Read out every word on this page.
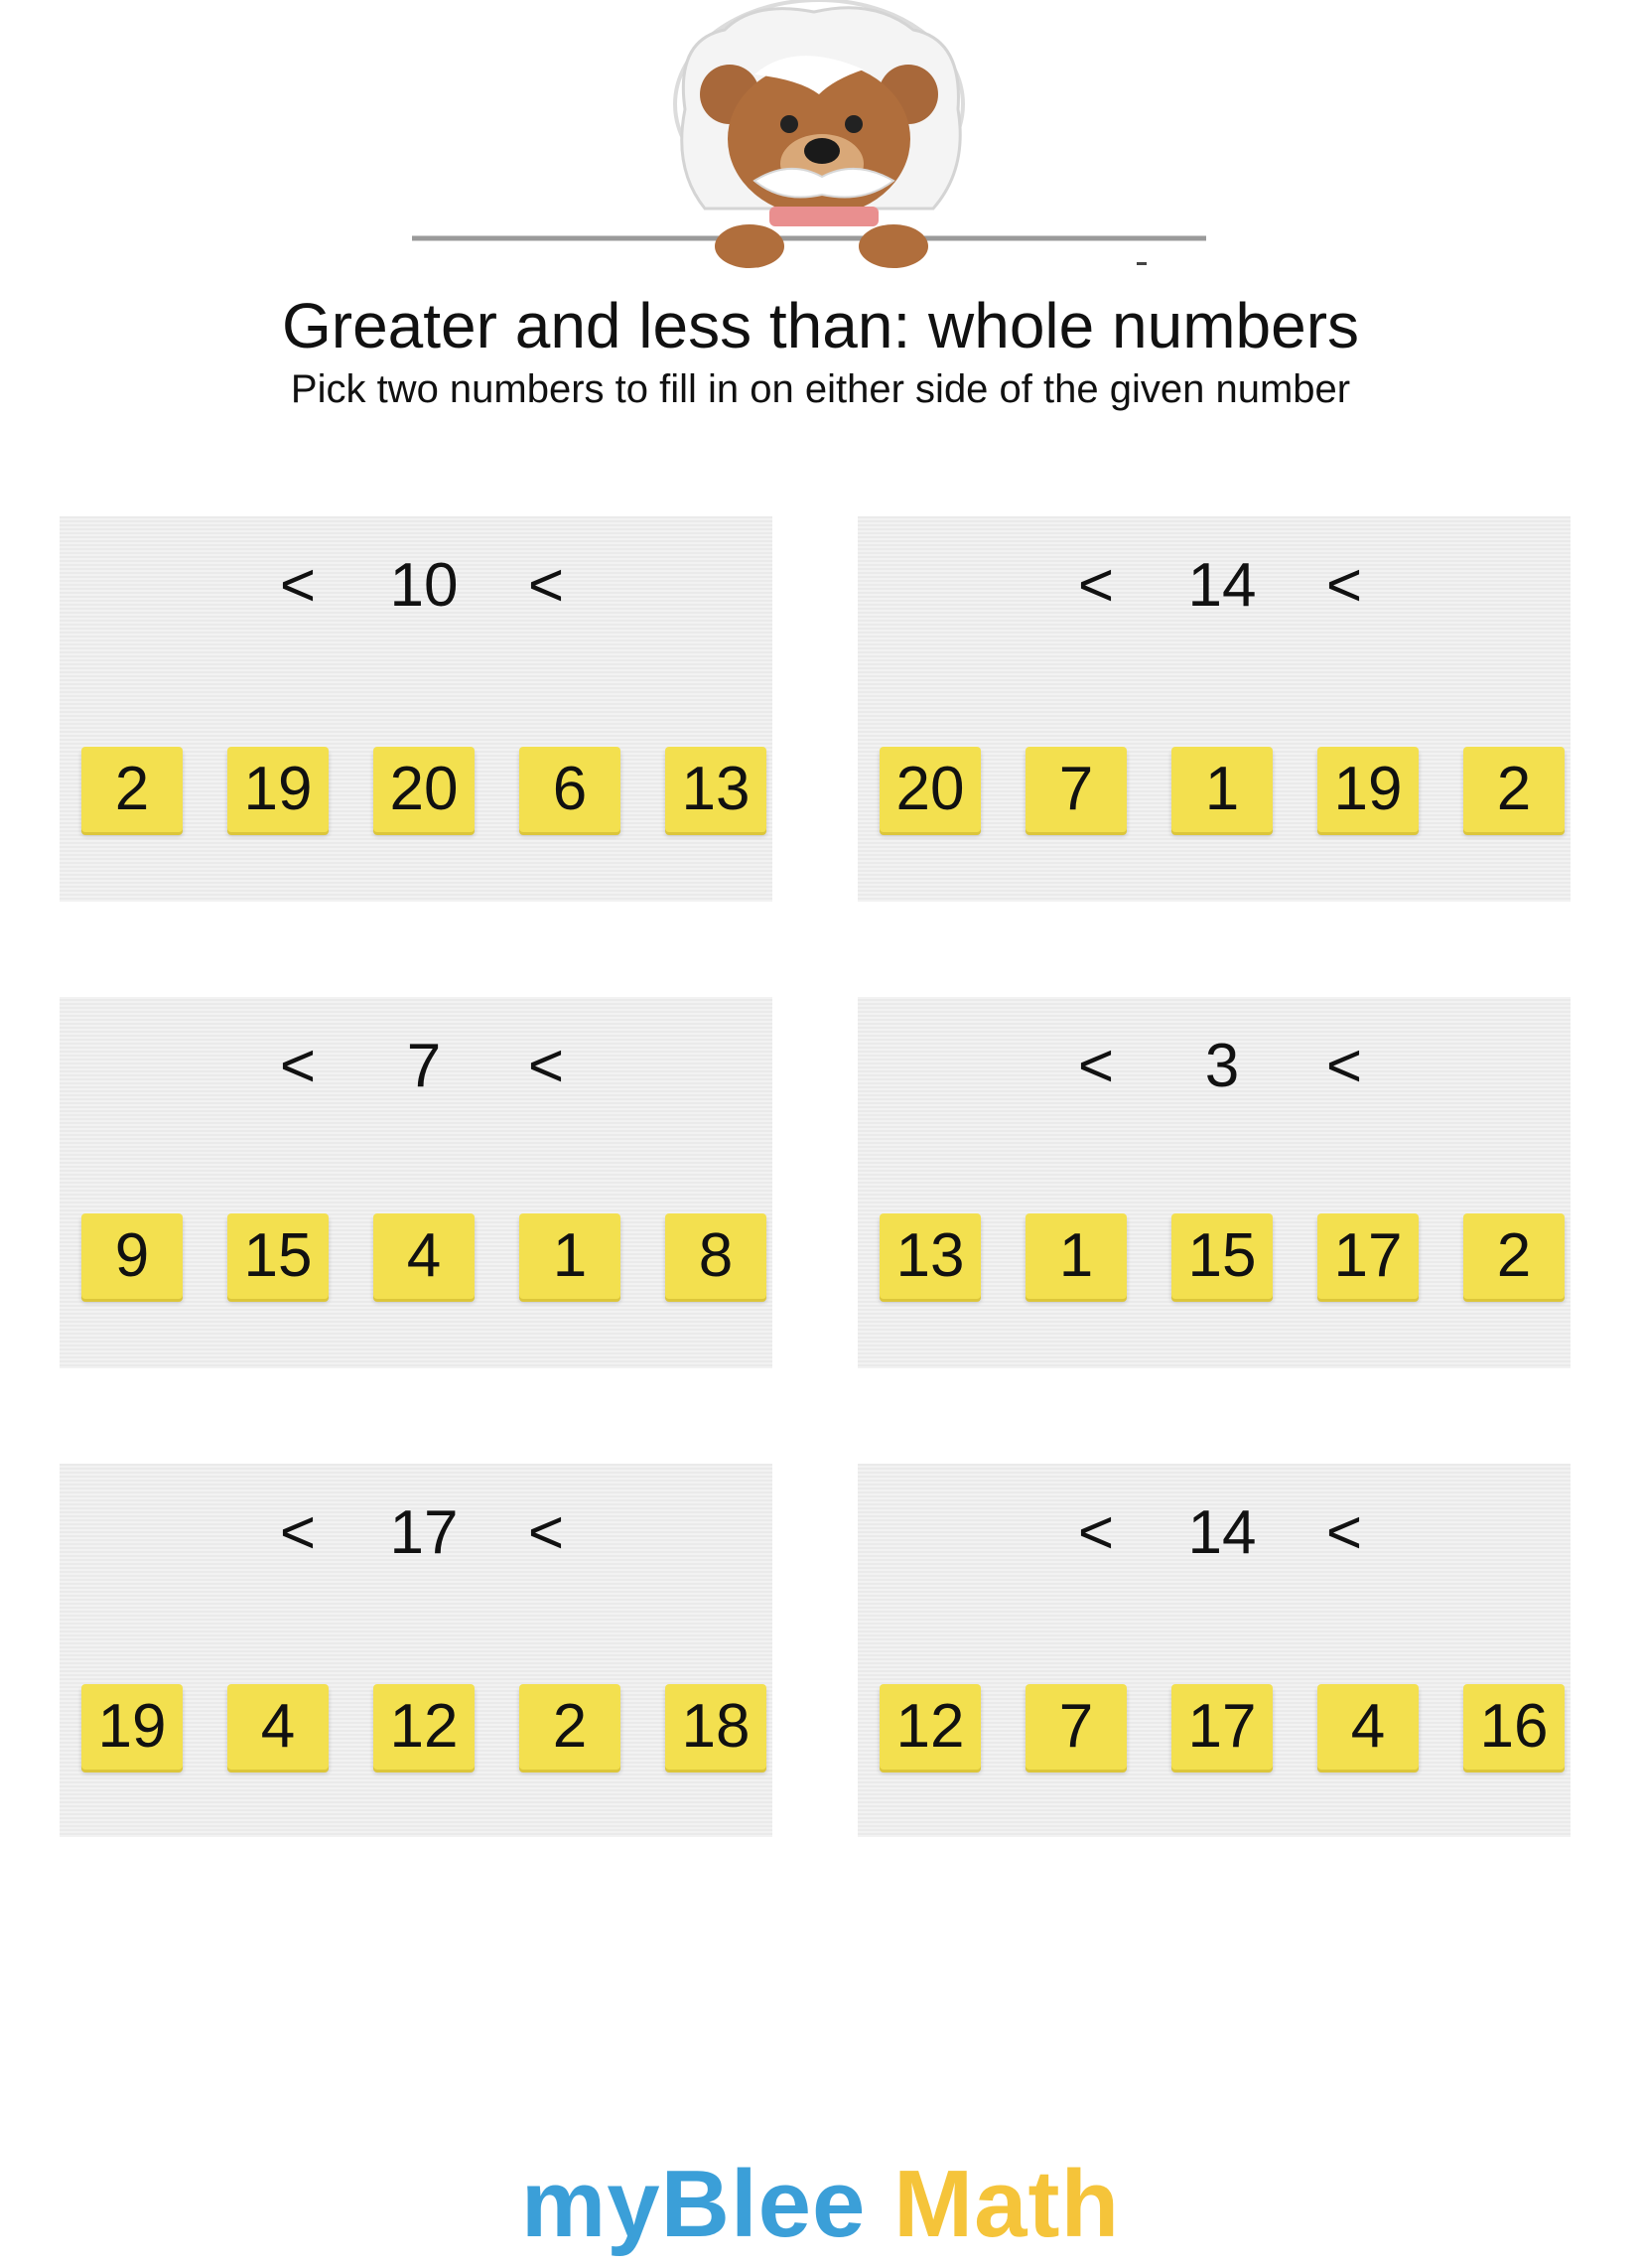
Greater and less than: whole numbers
Pick two numbers to fill in on either side of the given number
<	10	<
2	19 20	6	13
<	14	<
20	7	1	19	2
<	7	<
9	15	4	1	8
<	3	<
13	1	15 17	2
<	17	<
19	4	12	2	18
<	14	<
12	7	17	4	16
myBlee Math
